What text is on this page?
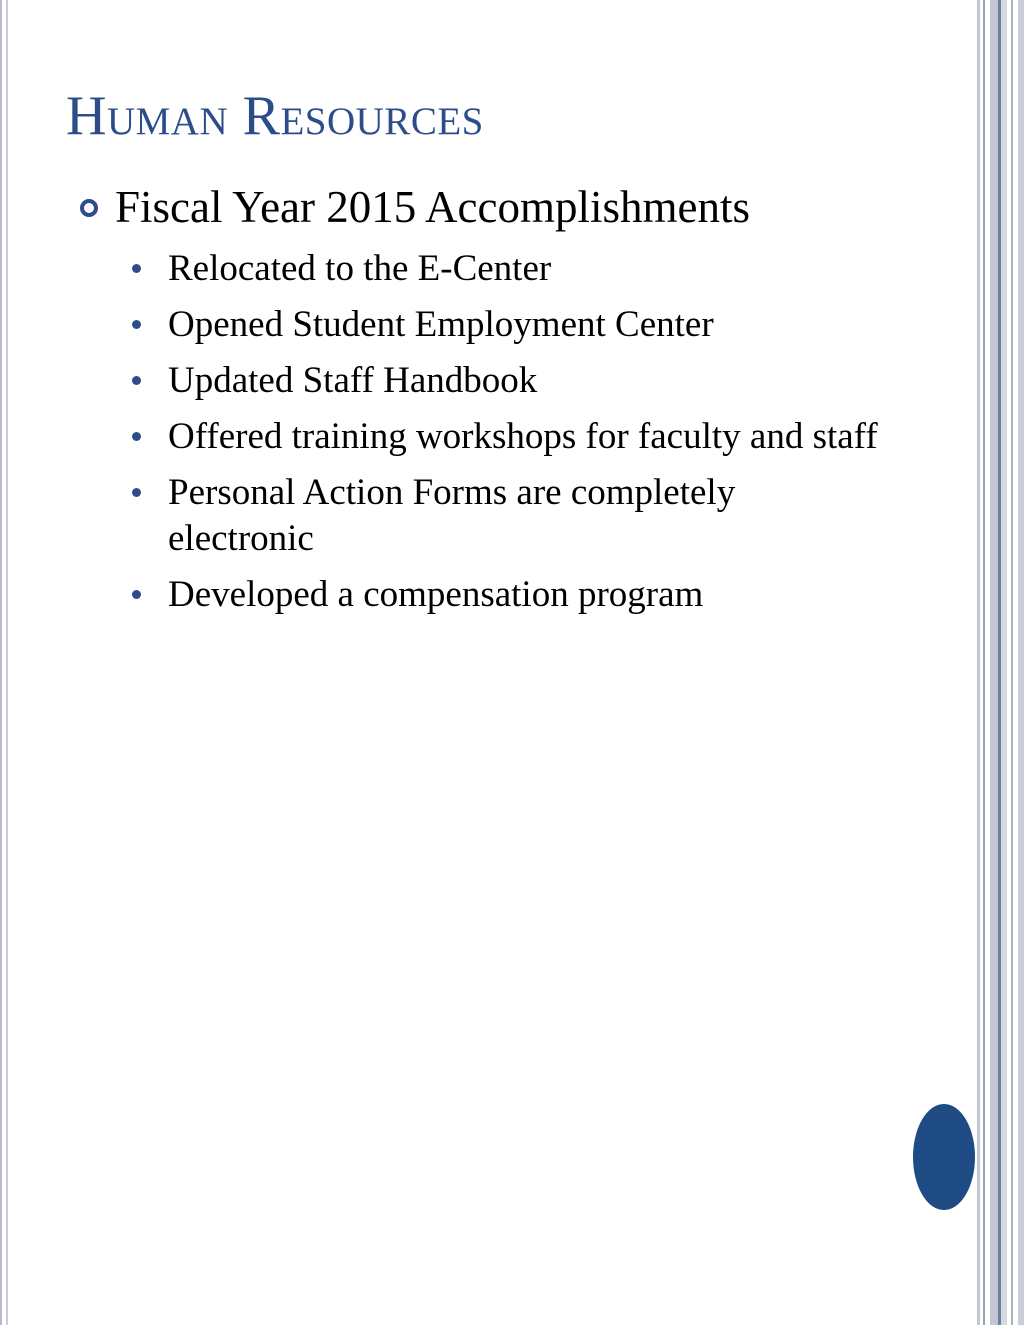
Human Resources
Fiscal Year 2015 Accomplishments
Relocated to the E-Center
Opened Student Employment Center
Updated Staff Handbook
Offered training workshops for faculty and staff
Personal Action Forms are completely electronic
Developed a compensation program
